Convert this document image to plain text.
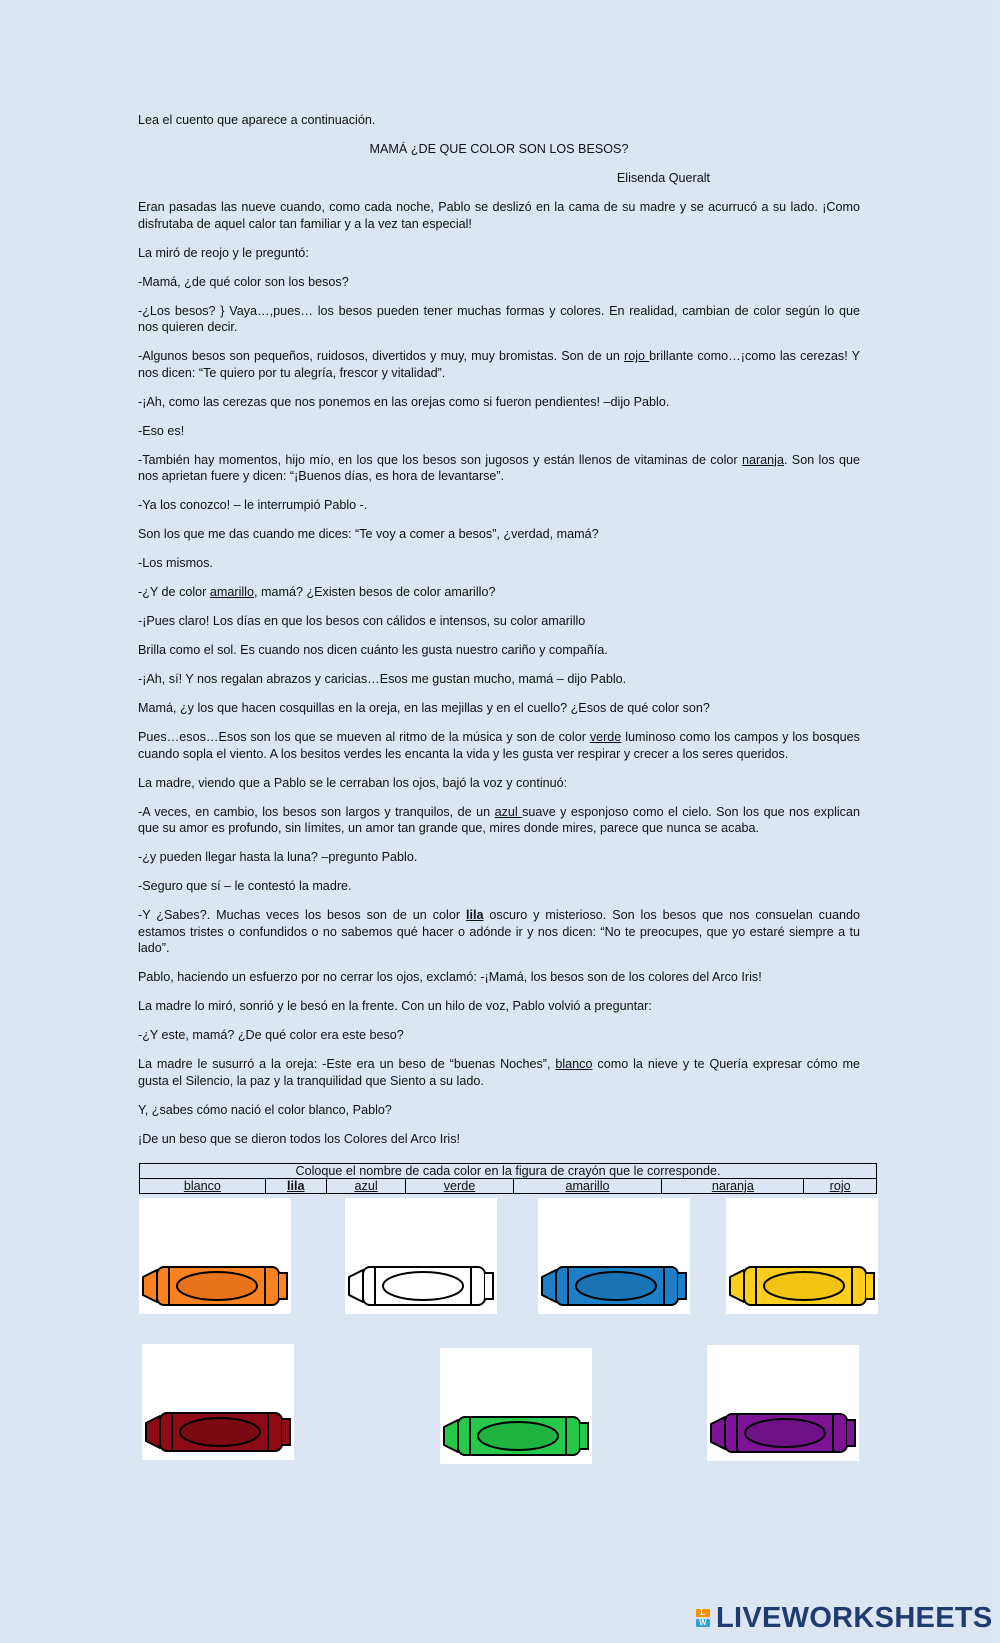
Lea el cuento que aparece a continuación.

MAMÁ ¿DE QUE COLOR SON LOS BESOS?

Elisenda Queralt

Eran pasadas las nueve cuando, como cada noche, Pablo se deslizó en la cama de su madre y se acurrucó a su lado. ¡Como disfrutaba de aquel calor tan familiar y a la vez tan especial!

La miró de reojo y le preguntó:

-Mamá, ¿de qué color son los besos?

-¿Los besos? } Vaya…,pues… los besos pueden tener muchas formas y colores. En realidad, cambian de color según lo que nos quieren decir.

-Algunos besos son pequeños, ruidosos, divertidos y muy, muy bromistas. Son de un rojo brillante como…¡como las cerezas! Y nos dicen: “Te quiero por tu alegría, frescor y vitalidad”.

-¡Ah, como las cerezas que nos ponemos en las orejas como si fueron pendientes! –dijo Pablo.

-Eso es!

-También hay momentos, hijo mío, en los que los besos son jugosos y están llenos de vitaminas de color naranja. Son los que nos aprietan fuere y dicen: “¡Buenos días, es hora de levantarse”.

-Ya los conozco! – le interrumpió Pablo -.

Son los que me das cuando me dices: “Te voy a comer a besos”, ¿verdad, mamá?

-Los mismos.

-¿Y de color amarillo, mamá? ¿Existen besos de color amarillo?

-¡Pues claro! Los días en que los besos con cálidos e intensos, su color amarillo

Brilla como el sol. Es cuando nos dicen cuánto les gusta nuestro cariño y compañía.

-¡Ah, sí! Y nos regalan abrazos y caricias…Esos me gustan mucho, mamá – dijo Pablo.

Mamá, ¿y los que hacen cosquillas en la oreja, en las mejillas y en el cuello? ¿Esos de qué color son?

Pues…esos…Esos son los que se mueven al ritmo de la música y son de color verde luminoso como los campos y los bosques cuando sopla el viento. A los besitos verdes les encanta la vida y les gusta ver respirar y crecer a los seres queridos.

La madre, viendo que a Pablo se le cerraban los ojos, bajó la voz y continuó:

-A veces, en cambio, los besos son largos y tranquilos, de un azul suave y esponjoso como el cielo. Son los que nos explican que su amor es profundo, sin límites, un amor tan grande que, mires donde mires, parece que nunca se acaba.

-¿y pueden llegar hasta la luna? –pregunto Pablo.

-Seguro que sí – le contestó la madre.

-Y ¿Sabes?. Muchas veces los besos son de un color lila oscuro y misterioso. Son los besos que nos consuelan cuando estamos tristes o confundidos o no sabemos qué hacer o adónde ir y nos dicen: “No te preocupes, que yo estaré siempre a tu lado”.

Pablo, haciendo un esfuerzo por no cerrar los ojos, exclamó: -¡Mamá, los besos son de los colores del Arco Iris!

La madre lo miró, sonrió y le besó en la frente. Con un hilo de voz, Pablo volvió a preguntar:

-¿Y este, mamá? ¿De qué color era este beso?

La madre le susurró a la oreja: -Este era un beso de “buenas Noches”, blanco como la nieve y te Quería expresar cómo me gusta el Silencio, la paz y la tranquilidad que Siento a su lado.

Y, ¿sabes cómo nació el color blanco, Pablo?

¡De un beso que se dieron todos los Colores del Arco Iris!

Coloque el nombre de cada color en la figura de crayón que le corresponde.
blanco	lila	azul	verde	amarillo	naranja	rojo
L
W LIVEWORKSHEETS
